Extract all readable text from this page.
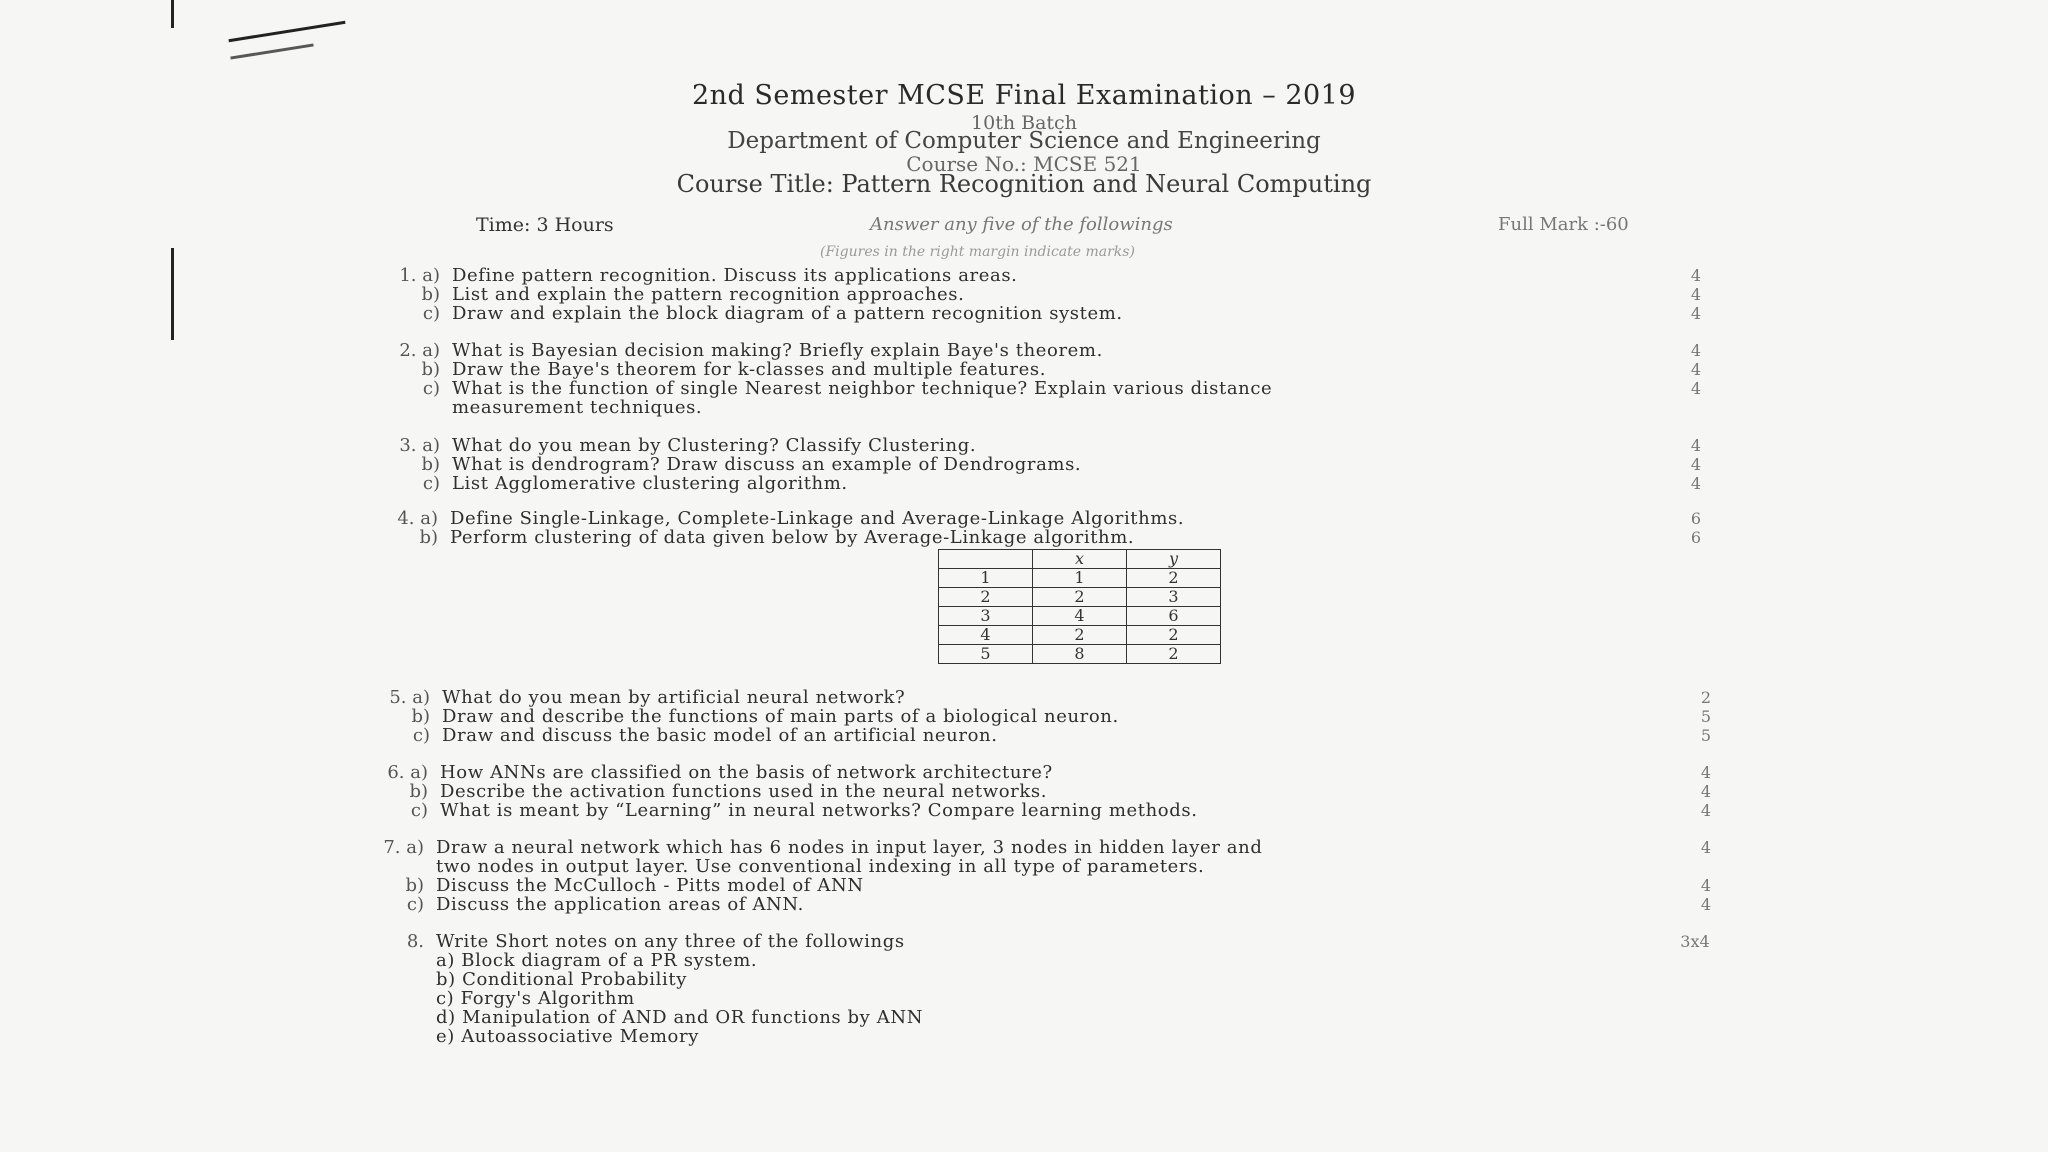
2nd Semester MCSE Final Examination – 2019
10th Batch
Department of Computer Science and Engineering
Course No.: MCSE 521
Course Title: Pattern Recognition and Neural Computing
Time: 3 Hours	Answer any five of the followings	Full Mark :-60
(Figures in the right margin indicate marks)
1. a) Define pattern recognition. Discuss its applications areas.	4
b) List and explain the pattern recognition approaches.	4
c) Draw and explain the block diagram of a pattern recognition system.	4
2. a) What is Bayesian decision making? Briefly explain Baye's theorem.	4
b) Draw the Baye's theorem for k-classes and multiple features.	4
c) What is the function of single Nearest neighbor technique? Explain various distance	4
measurement techniques.
3. a) What do you mean by Clustering? Classify Clustering.	4
b) What is dendrogram? Draw discuss an example of Dendrograms.	4
c) List Agglomerative clustering algorithm.	4
4. a) Define Single-Linkage, Complete-Linkage and Average-Linkage Algorithms.	6
b) Perform clustering of data given below by Average-Linkage algorithm.	6
	x	y
1	1	2
2	2	3
3	4	6
4	2	2
5	8	2
5. a) What do you mean by artificial neural network?	2
b) Draw and describe the functions of main parts of a biological neuron.	5
c) Draw and discuss the basic model of an artificial neuron.	5
6. a) How ANNs are classified on the basis of network architecture?	4
b) Describe the activation functions used in the neural networks.	4
c) What is meant by “Learning” in neural networks? Compare learning methods.	4
7. a) Draw a neural network which has 6 nodes in input layer, 3 nodes in hidden layer and	4
two nodes in output layer. Use conventional indexing in all type of parameters.
b) Discuss the McCulloch - Pitts model of ANN	4
c) Discuss the application areas of ANN.	4
8. Write Short notes on any three of the followings	3x4
a) Block diagram of a PR system.
b) Conditional Probability
c) Forgy's Algorithm
d) Manipulation of AND and OR functions by ANN
e) Autoassociative Memory
